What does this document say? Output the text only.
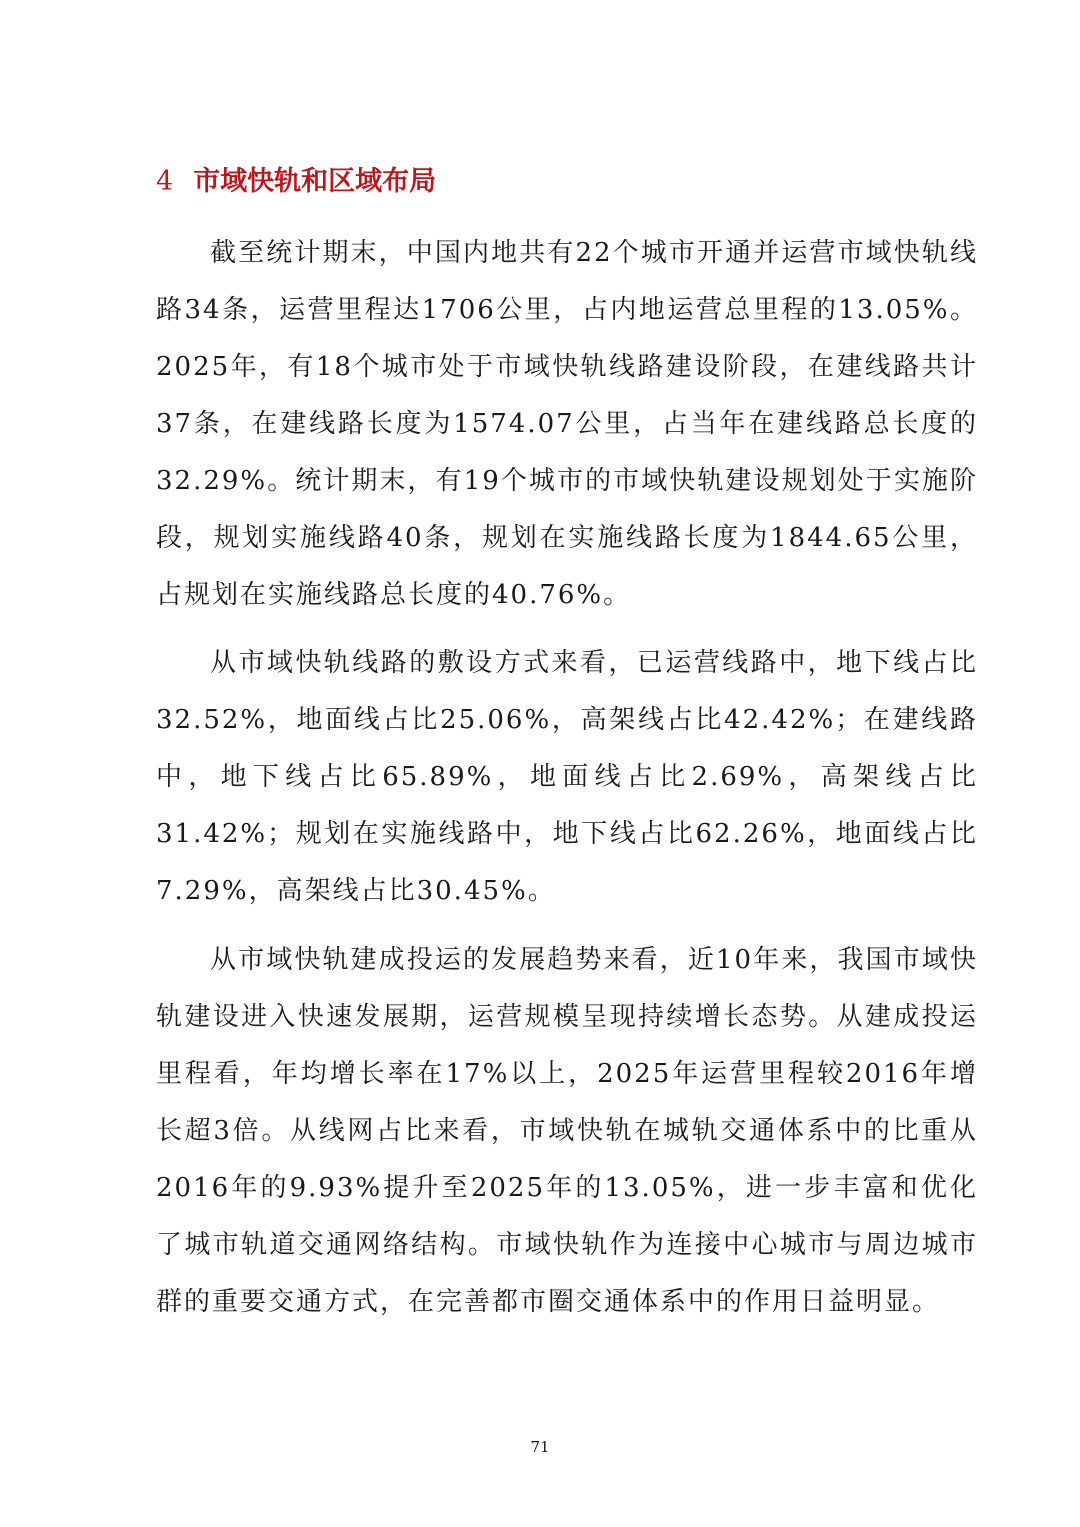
4 市域快轨和区域布局

截至统计期末，中国内地共有22个城市开通并运营市域快轨线路34条，运营里程达1706公里，占内地运营总里程的13.05%。2025年，有18个城市处于市域快轨线路建设阶段，在建线路共计37条，在建线路长度为1574.07公里，占当年在建线路总长度的32.29%。统计期末，有19个城市的市域快轨建设规划处于实施阶段，规划实施线路40条，规划在实施线路长度为1844.65公里，占规划在实施线路总长度的40.76%。

从市域快轨线路的敷设方式来看，已运营线路中，地下线占比32.52%，地面线占比25.06%，高架线占比42.42%；在建线路中，地下线占比65.89%，地面线占比2.69%，高架线占比31.42%；规划在实施线路中，地下线占比62.26%，地面线占比7.29%，高架线占比30.45%。

从市域快轨建成投运的发展趋势来看，近10年来，我国市域快轨建设进入快速发展期，运营规模呈现持续增长态势。从建成投运里程看，年均增长率在17%以上，2025年运营里程较2016年增长超3倍。从线网占比来看，市域快轨在城轨交通体系中的比重从2016年的9.93%提升至2025年的13.05%，进一步丰富和优化了城市轨道交通网络结构。市域快轨作为连接中心城市与周边城市群的重要交通方式，在完善都市圈交通体系中的作用日益明显。

71
